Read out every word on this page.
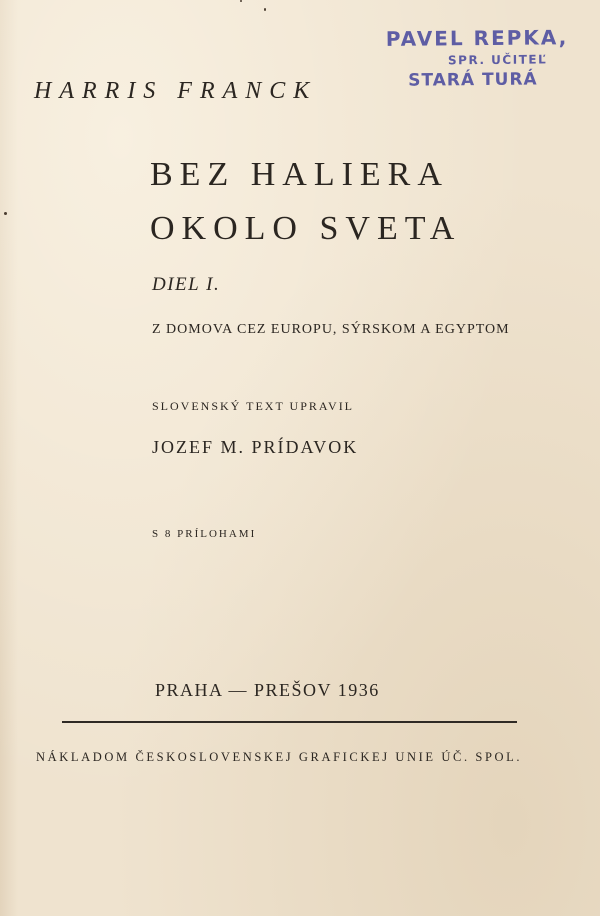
PAVEL REPKA,
SPR. UČITEĽ
STARÁ TURÁ
HARRIS FRANCK
BEZ HALIERA
OKOLO SVETA
DIEL I.
Z DOMOVA CEZ EUROPU, SÝRSKOM A EGYPTOM
SLOVENSKÝ TEXT UPRAVIL
JOZEF M. PRÍDAVOK
S 8 PRÍLOHAMI
PRAHA — PREŠOV 1936
NÁKLADOM ČESKOSLOVENSKEJ GRAFICKEJ UNIE ÚČ. SPOL.
